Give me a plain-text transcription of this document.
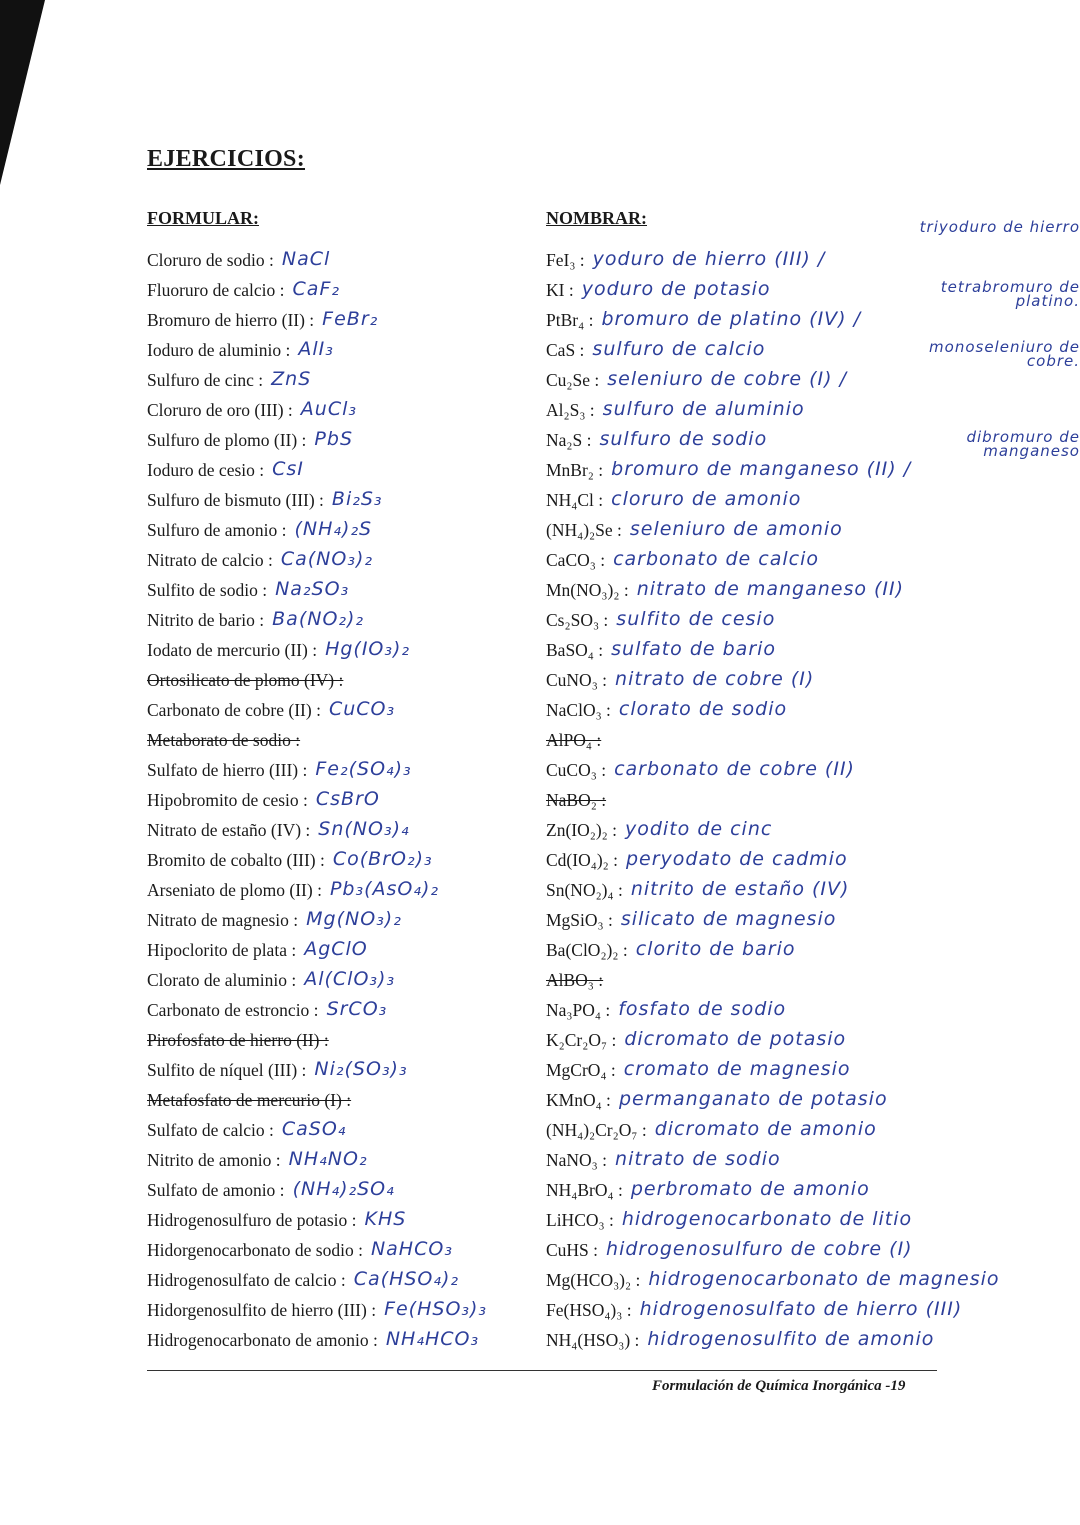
EJERCICIOS:
FORMULAR:	NOMBRAR:
Cloruro de sodio : NaCl
Fluoruro de calcio : CaF₂
Bromuro de hierro (II) : FeBr₂
Ioduro de aluminio : AlI₃
Sulfuro de cinc : ZnS
Cloruro de oro (III) : AuCl₃
Sulfuro de plomo (II) : PbS
Ioduro de cesio : CsI
Sulfuro de bismuto (III) : Bi₂S₃
Sulfuro de amonio : (NH₄)₂S
Nitrato de calcio : Ca(NO₃)₂
Sulfito de sodio : Na₂SO₃
Nitrito de bario : Ba(NO₂)₂
Iodato de mercurio (II) : Hg(IO₃)₂
Ortosilicato de plomo (IV) :
Carbonato de cobre (II) : CuCO₃
Metaborato de sodio :
Sulfato de hierro (III) : Fe₂(SO₄)₃
Hipobromito de cesio : CsBrO
Nitrato de estaño (IV) : Sn(NO₃)₄
Bromito de cobalto (III) : Co(BrO₂)₃
Arseniato de plomo (II) : Pb₃(AsO₄)₂
Nitrato de magnesio : Mg(NO₃)₂
Hipoclorito de plata : AgClO
Clorato de aluminio : Al(ClO₃)₃
Carbonato de estroncio : SrCO₃
Pirofosfato de hierro (II) :
Sulfito de níquel (III) : Ni₂(SO₃)₃
Metafosfato de mercurio (I) :
Sulfato de calcio : CaSO₄
Nitrito de amonio : NH₄NO₂
Sulfato de amonio : (NH₄)₂SO₄
Hidrogenosulfuro de potasio : KHS
Hidorgenocarbonato de sodio : NaHCO₃
Hidrogenosulfato de calcio : Ca(HSO₄)₂
Hidorgenosulfito de hierro (III) : Fe(HSO₃)₃
Hidrogenocarbonato de amonio : NH₄HCO₃
FeI₃ : yoduro de hierro (III) /
triyoduro de hierro
KI : yoduro de potasio
PtBr₄ : bromuro de platino (IV) /
tetrabromuro de platino.
CaS : sulfuro de calcio
Cu₂Se : seleniuro de cobre (I) /
monoseleniuro de cobre.
Al₂S₃ : sulfuro de aluminio
Na₂S : sulfuro de sodio
MnBr₂ : bromuro de manganeso (II) /
dibromuro de manganeso
NH₄Cl : cloruro de amonio
(NH₄)₂Se : seleniuro de amonio
CaCO₃ : carbonato de calcio
Mn(NO₃)₂ : nitrato de manganeso (II)
Cs₂SO₃ : sulfito de cesio
BaSO₄ : sulfato de bario
CuNO₃ : nitrato de cobre (I)
NaClO₃ : clorato de sodio
AlPO₄ :
CuCO₃ : carbonato de cobre (II)
NaBO₂ :
Zn(IO₂)₂ : yodito de cinc
Cd(IO₄)₂ : peryodato de cadmio
Sn(NO₂)₄ : nitrito de estaño (IV)
MgSiO₃ : silicato de magnesio
Ba(ClO₂)₂ : clorito de bario
AlBO₃ :
Na₃PO₄ : fosfato de sodio
K₂Cr₂O₇ : dicromato de potasio
MgCrO₄ : cromato de magnesio
KMnO₄ : permanganato de potasio
(NH₄)₂Cr₂O₇ : dicromato de amonio
NaNO₃ : nitrato de sodio
NH₄BrO₄ : perbromato de amonio
LiHCO₃ : hidrogenocarbonato de litio
CuHS : hidrogenosulfuro de cobre (I)
Mg(HCO₃)₂ : hidrogenocarbonato de magnesio
Fe(HSO₄)₃ : hidrogenosulfato de hierro (III)
NH₄(HSO₃) : hidrogenosulfito de amonio
Formulación de Química Inorgánica -19
